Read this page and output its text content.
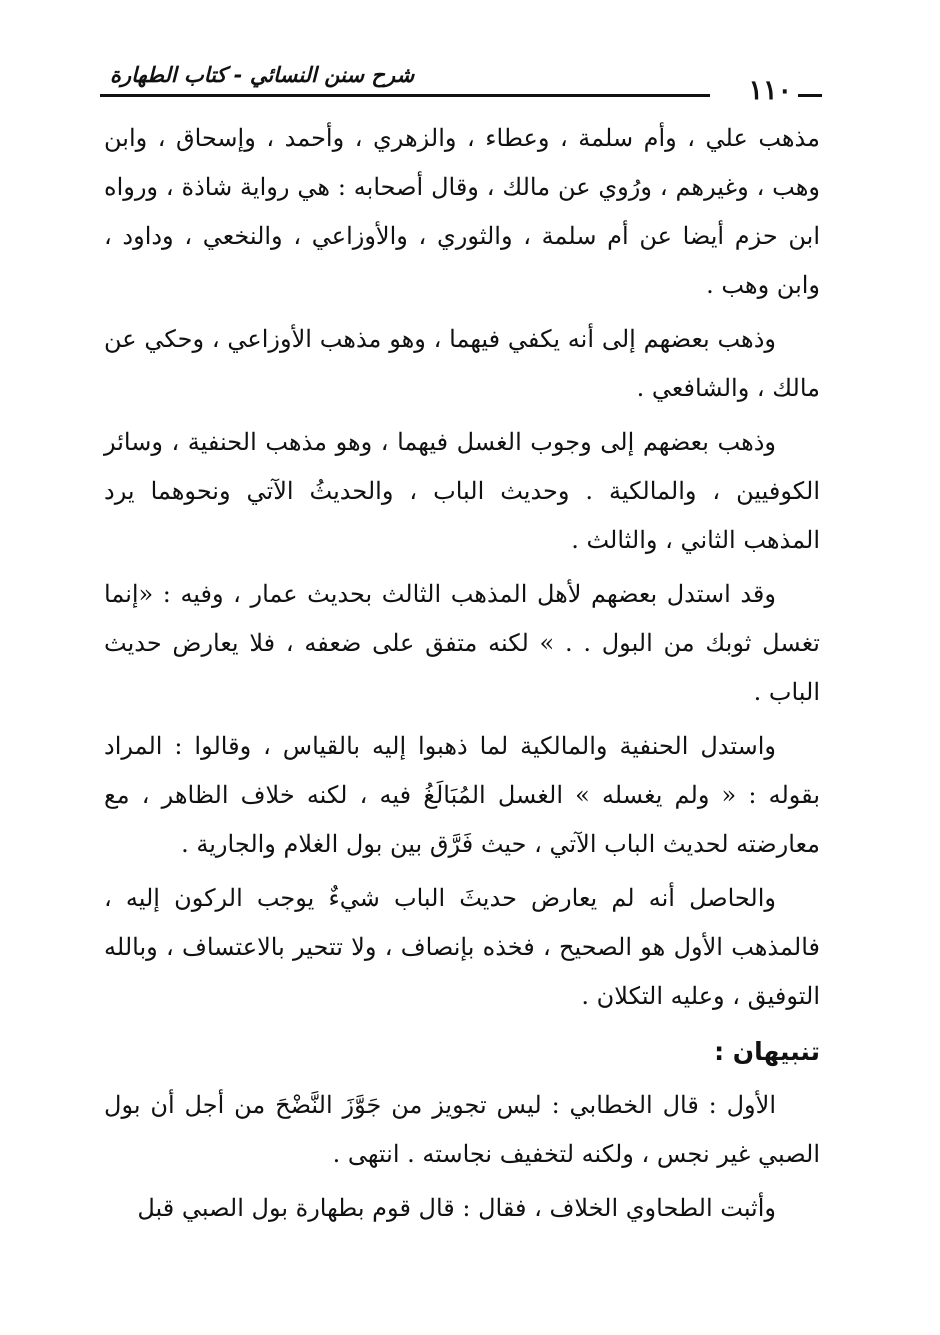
١١٠
شرح سنن النسائي - كتاب الطهارة

مذهب علي ، وأم سلمة ، وعطاء ، والزهري ، وأحمد ، وإسحاق ، وابن وهب ، وغيرهم ، ورُوي عن مالك ، وقال أصحابه : هي رواية شاذة ، ورواه ابن حزم أيضا عن أم سلمة ، والثوري ، والأوزاعي ، والنخعي ، وداود ، وابن وهب .

وذهب بعضهم إلى أنه يكفي فيهما ، وهو مذهب الأوزاعي ، وحكي عن مالك ، والشافعي .

وذهب بعضهم إلى وجوب الغسل فيهما ، وهو مذهب الحنفية ، وسائر الكوفيين ، والمالكية . وحديث الباب ، والحديثُ الآتي ونحوهما يرد المذهب الثاني ، والثالث .

وقد استدل بعضهم لأهل المذهب الثالث بحديث عمار ، وفيه : «إنما تغسل ثوبك من البول . . » لكنه متفق على ضعفه ، فلا يعارض حديث الباب .

واستدل الحنفية والمالكية لما ذهبوا إليه بالقياس ، وقالوا : المراد بقوله : « ولم يغسله » الغسل المُبَالَغُ فيه ، لكنه خلاف الظاهر ، مع معارضته لحديث الباب الآتي ، حيث فَرَّق بين بول الغلام والجارية .

والحاصل أنه لم يعارض حديثَ الباب شيءٌ يوجب الركون إليه ، فالمذهب الأول هو الصحيح ، فخذه بإنصاف ، ولا تتحير بالاعتساف ، وبالله التوفيق ، وعليه التكلان .

تنبيهان :

الأول : قال الخطابي : ليس تجويز من جَوَّزَ النَّضْحَ من أجل أن بول الصبي غير نجس ، ولكنه لتخفيف نجاسته . انتهى .

وأثبت الطحاوي الخلاف ، فقال : قال قوم بطهارة بول الصبي قبل
